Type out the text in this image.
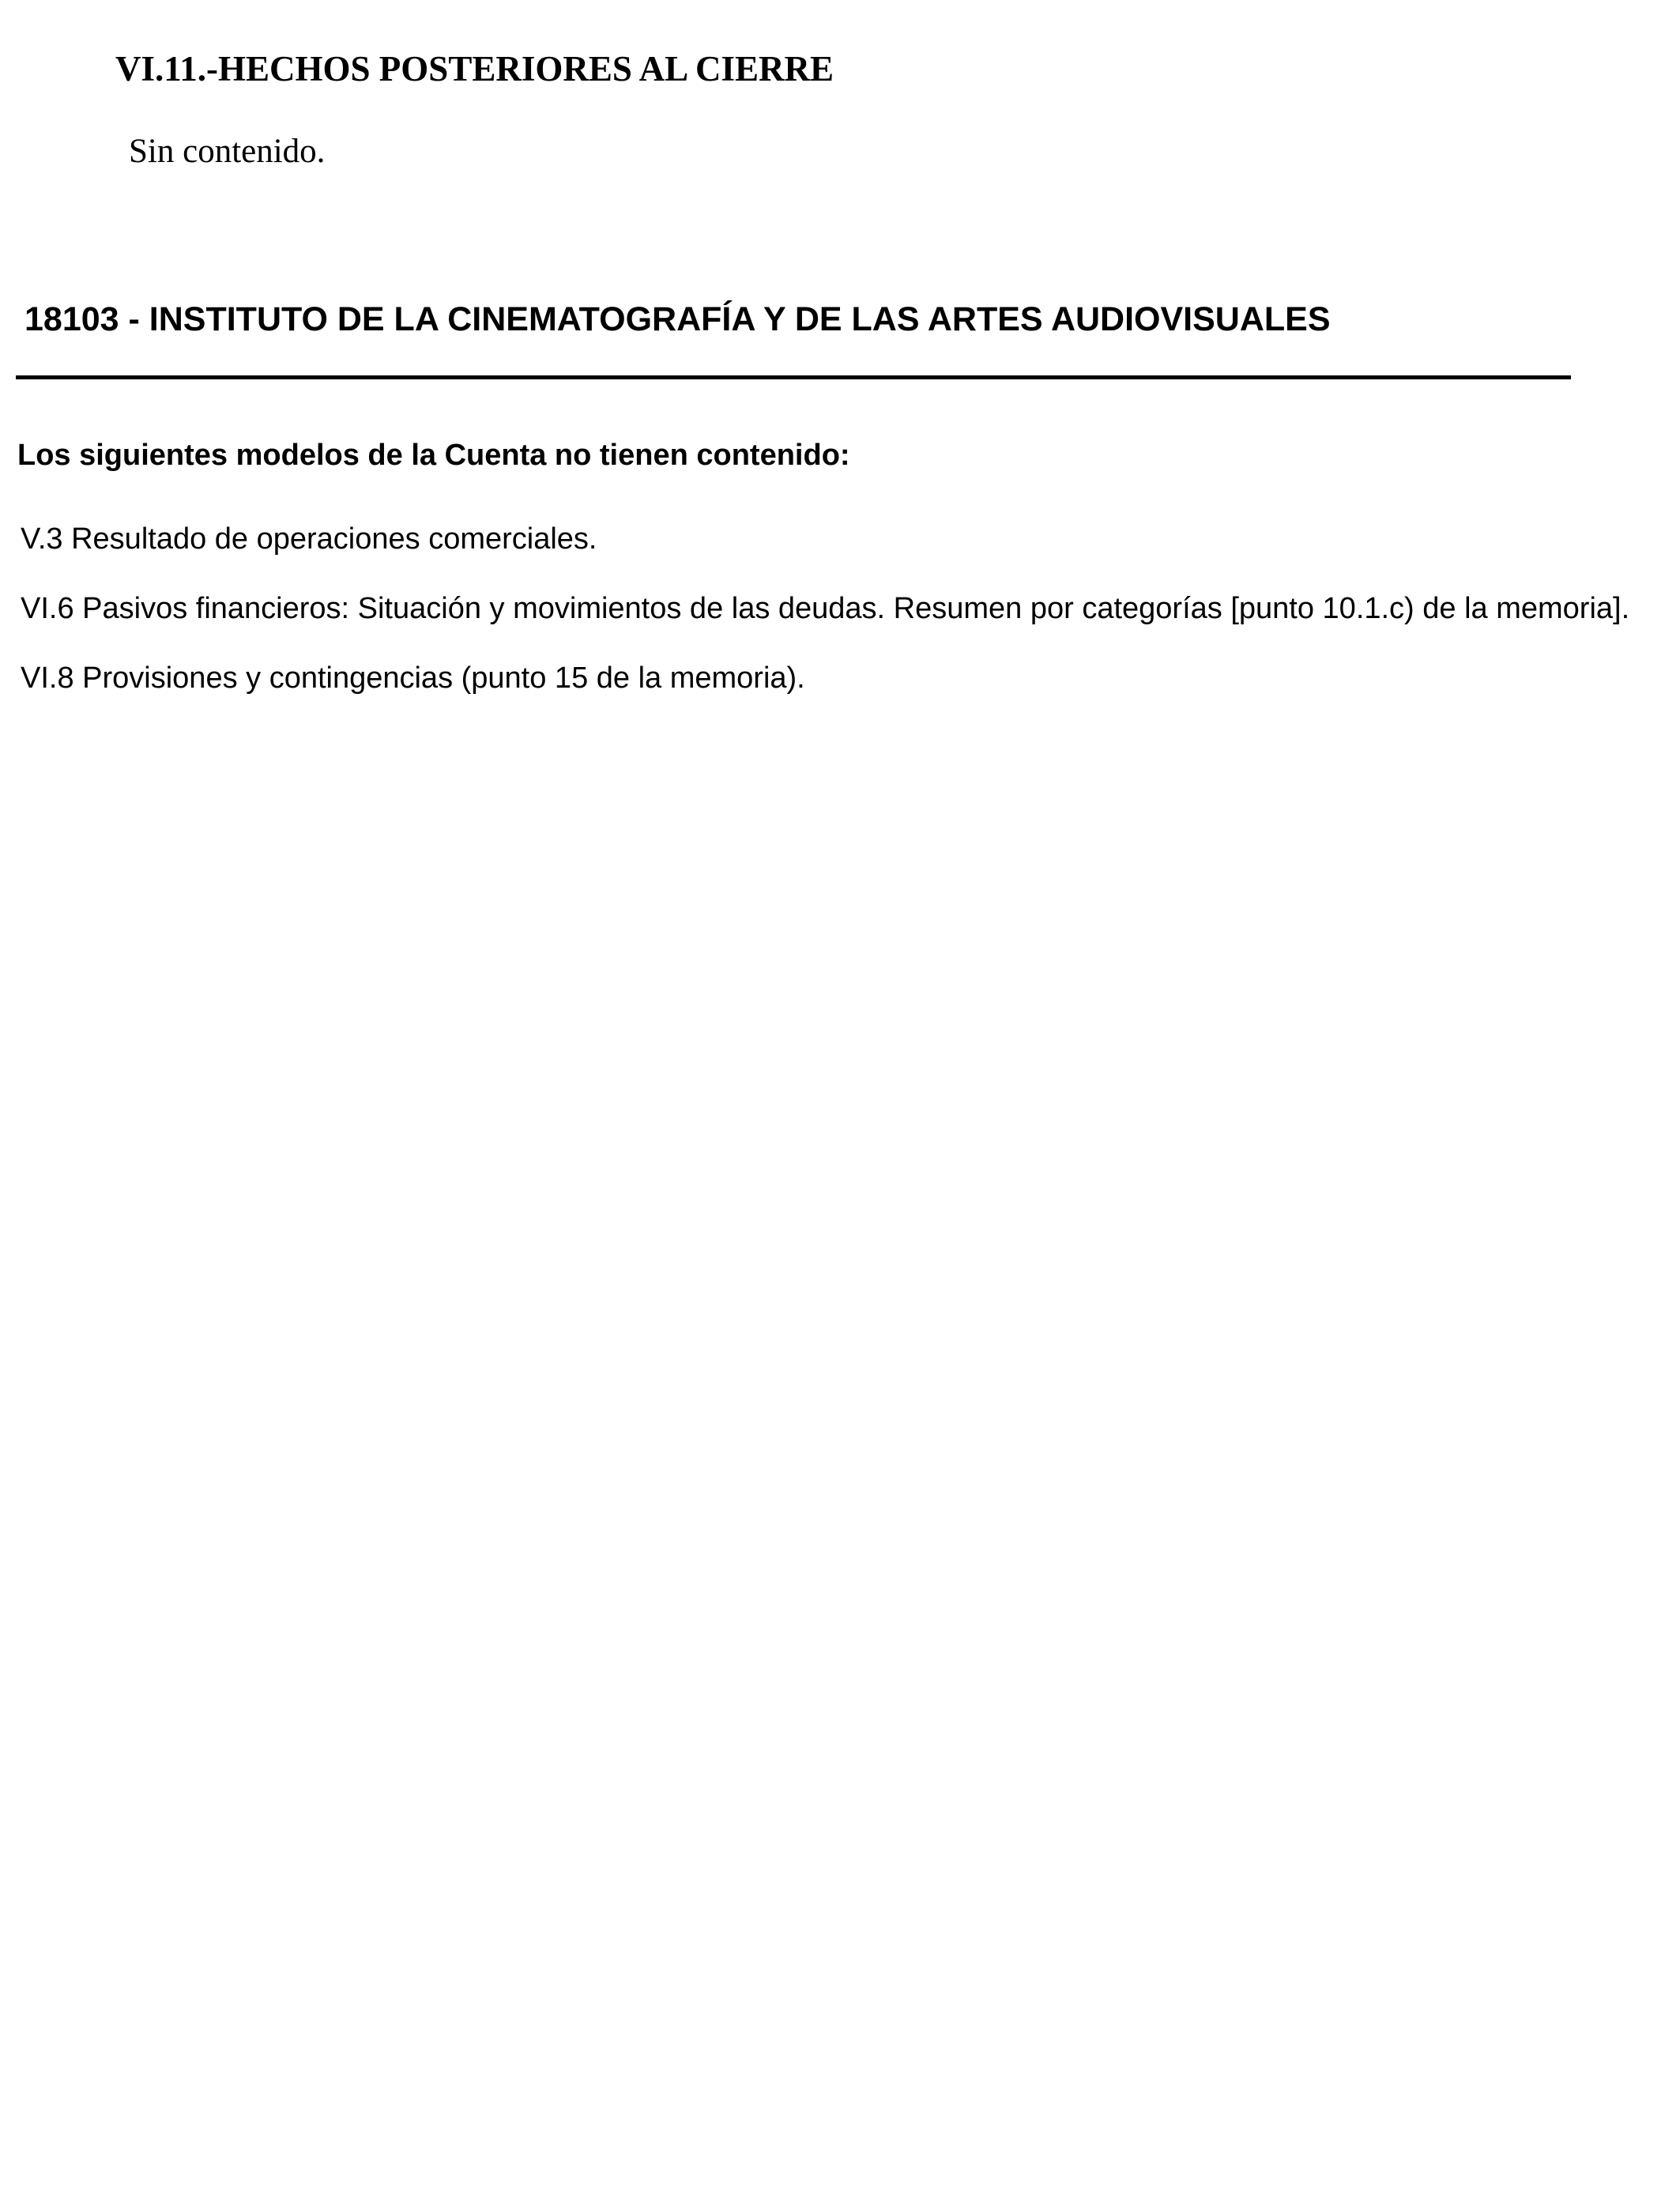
VI.11.-HECHOS POSTERIORES AL CIERRE

Sin contenido.

18103 - INSTITUTO DE LA CINEMATOGRAFÍA Y DE LAS ARTES AUDIOVISUALES

Los siguientes modelos de la Cuenta no tienen contenido:

V.3 Resultado de operaciones comerciales.
VI.6 Pasivos financieros: Situación y movimientos de las deudas. Resumen por categorías [punto 10.1.c) de la memoria].
VI.8 Provisiones y contingencias (punto 15 de la memoria).
